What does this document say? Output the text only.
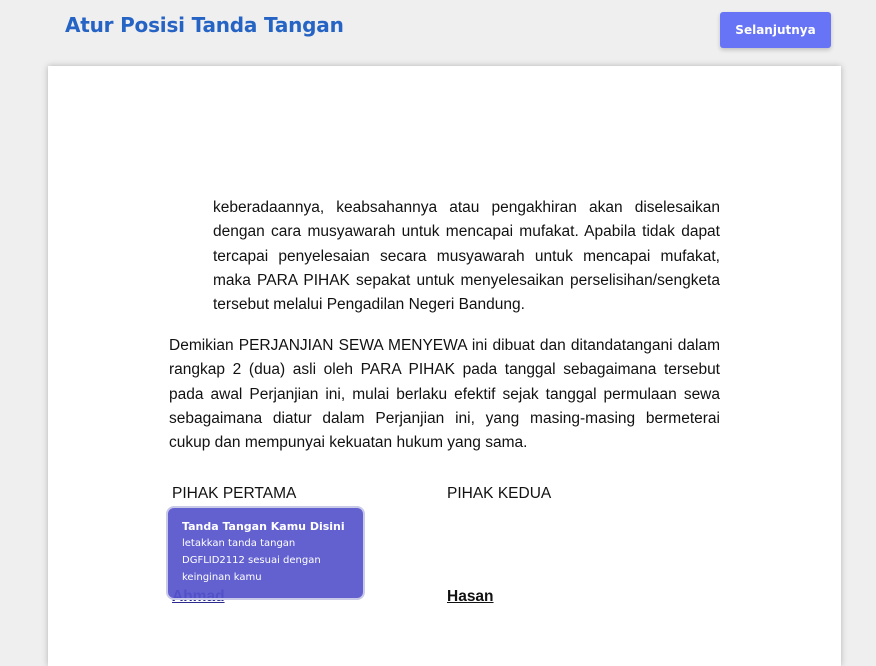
Atur Posisi Tanda Tangan	Selanjutnya
keberadaannya, keabsahannya atau pengakhiran akan diselesaikan dengan cara musyawarah untuk mencapai mufakat. Apabila tidak dapat tercapai penyelesaian secara musyawarah untuk mencapai mufakat, maka PARA PIHAK sepakat untuk menyelesaikan perselisihan/sengketa tersebut melalui Pengadilan Negeri Bandung.
Demikian PERJANJIAN SEWA MENYEWA ini dibuat dan ditandatangani dalam rangkap 2 (dua) asli oleh PARA PIHAK pada tanggal sebagaimana tersebut pada awal Perjanjian ini, mulai berlaku efektif sejak tanggal permulaan sewa sebagaimana diatur dalam Perjanjian ini, yang masing-masing bermeterai cukup dan mempunyai kekuatan hukum yang sama.
PIHAK PERTAMA	PIHAK KEDUA
Hasan
Tanda Tangan Kamu Disini
letakkan tanda tangan DGFLID2112 sesuai dengan keinginan kamu
